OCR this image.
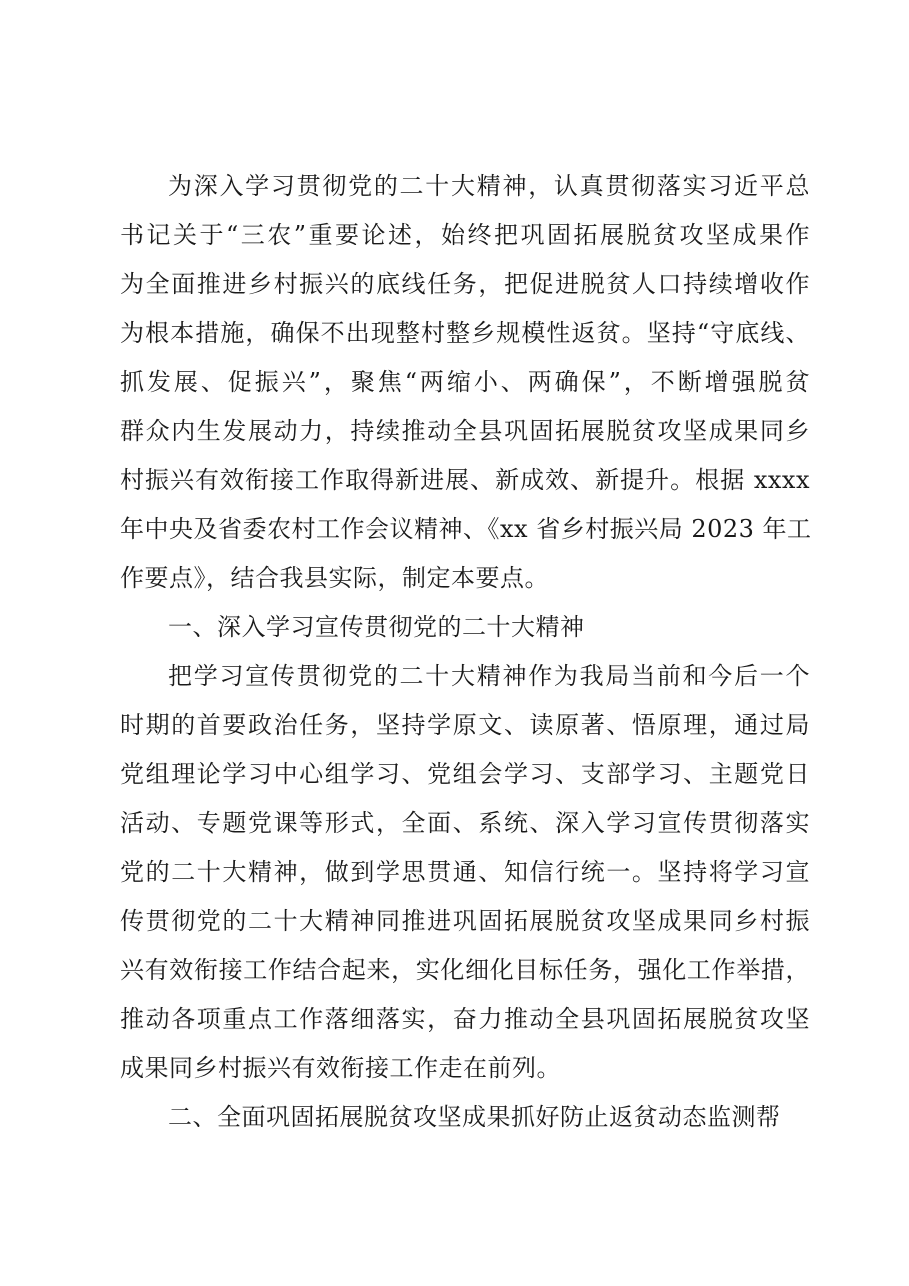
为深入学习贯彻党的二十大精神，认真贯彻落实习近平总
书记关于“三农”重要论述，始终把巩固拓展脱贫攻坚成果作
为全面推进乡村振兴的底线任务，把促进脱贫人口持续增收作
为根本措施，确保不出现整村整乡规模性返贫。坚持“守底线、
抓发展、促振兴”，聚焦“两缩小、两确保”，不断增强脱贫
群众内生发展动力，持续推动全县巩固拓展脱贫攻坚成果同乡
村振兴有效衔接工作取得新进展、新成效、新提升。根据 xxxx
年中央及省委农村工作会议精神、《xx 省乡村振兴局 2023 年工
作要点》，结合我县实际，制定本要点。
一、深入学习宣传贯彻党的二十大精神
把学习宣传贯彻党的二十大精神作为我局当前和今后一个
时期的首要政治任务，坚持学原文、读原著、悟原理，通过局
党组理论学习中心组学习、党组会学习、支部学习、主题党日
活动、专题党课等形式，全面、系统、深入学习宣传贯彻落实
党的二十大精神，做到学思贯通、知信行统一。坚持将学习宣
传贯彻党的二十大精神同推进巩固拓展脱贫攻坚成果同乡村振
兴有效衔接工作结合起来，实化细化目标任务，强化工作举措，
推动各项重点工作落细落实，奋力推动全县巩固拓展脱贫攻坚
成果同乡村振兴有效衔接工作走在前列。
二、全面巩固拓展脱贫攻坚成果抓好防止返贫动态监测帮
